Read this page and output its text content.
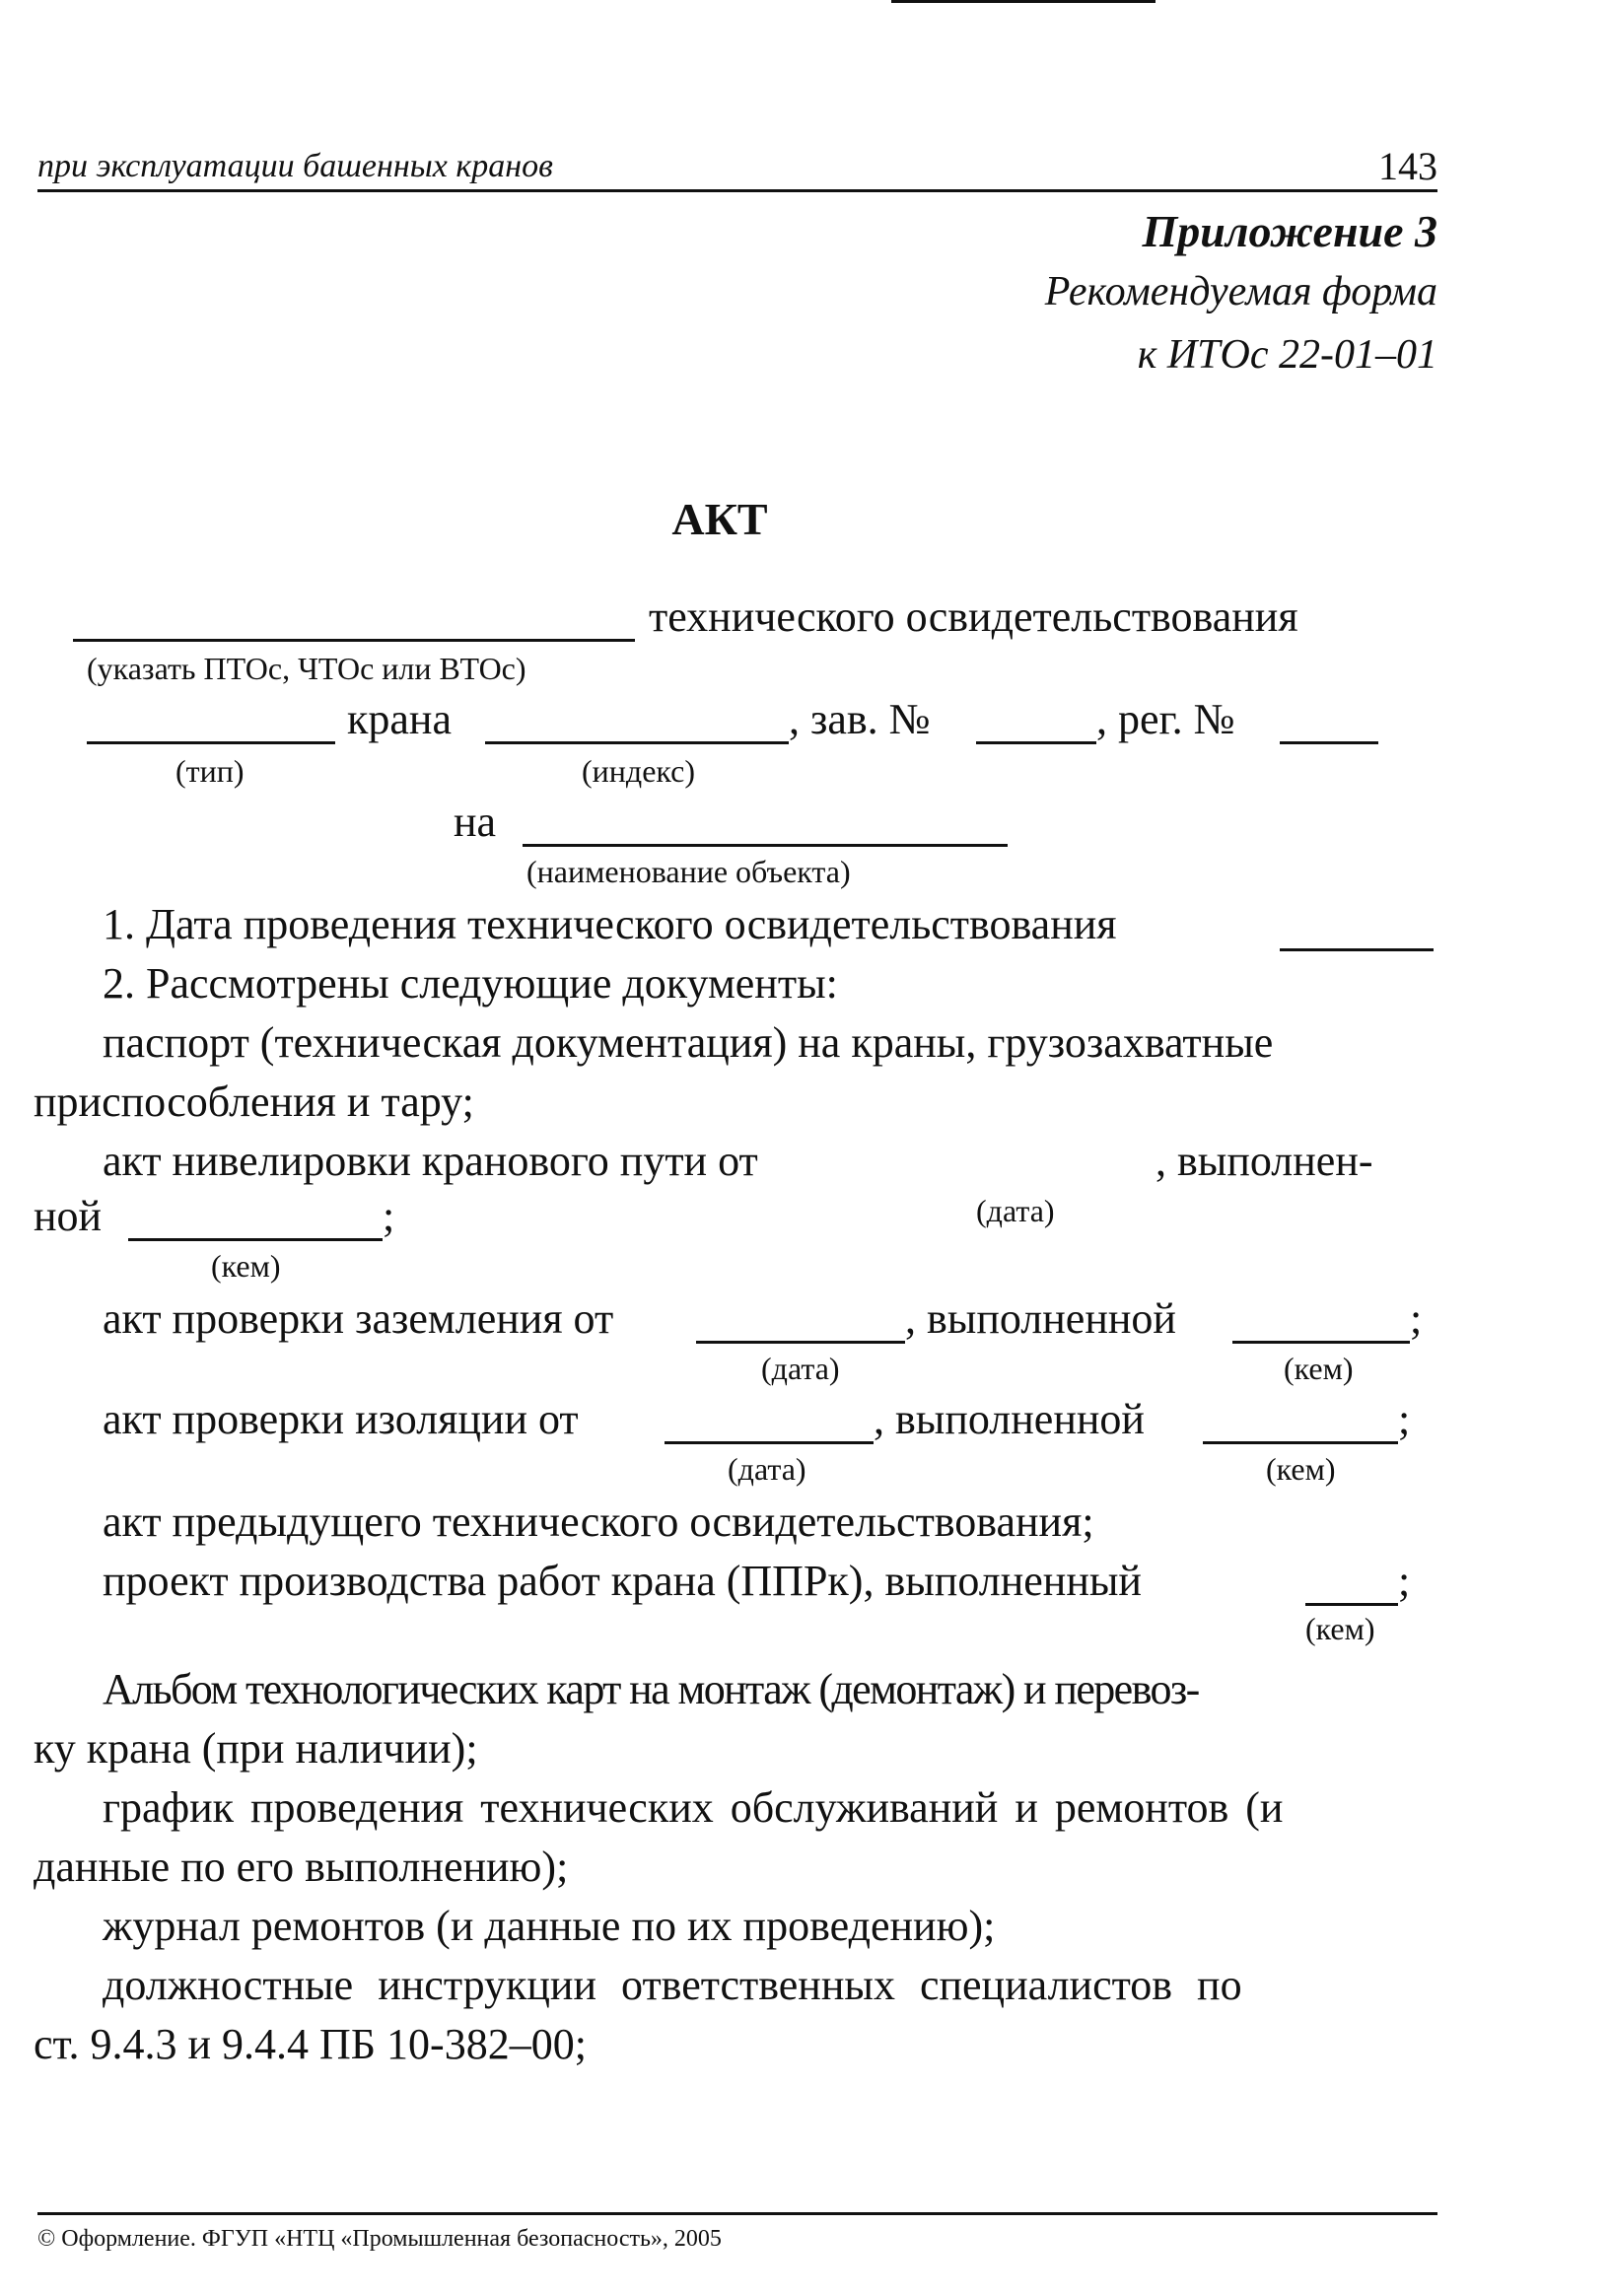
при эксплуатации башенных кранов	143
Приложение 3
Рекомендуемая форма
к ИТОс 22-01–01
АКТ
технического освидетельствования
(указать ПТОс, ЧТОс или ВТОс)
крана	, зав. №	, рег. №
(тип)	(индекс)
на
(наименование объекта)
1. Дата проведения технического освидетельствования
2. Рассмотрены следующие документы:
паспорт (техническая документация) на краны, грузозахватные
приспособления и тару;
акт нивелировки кранового пути от	, выполнен-
ной	;	(дата)
(кем)
акт проверки заземления от	, выполненной	;
(дата)	(кем)
акт проверки изоляции от	, выполненной	;
(дата)	(кем)
акт предыдущего технического освидетельствования;
проект производства работ крана (ППРк), выполненный	;
(кем)
Альбом технологических карт на монтаж (демонтаж) и перевоз-
ку крана (при наличии);
график проведения технических обслуживаний и ремонтов (и
данные по его выполнению);
журнал ремонтов (и данные по их проведению);
должностные инструкции ответственных специалистов по
ст. 9.4.3 и 9.4.4 ПБ 10-382–00;
© Оформление. ФГУП «НТЦ «Промышленная безопасность», 2005
